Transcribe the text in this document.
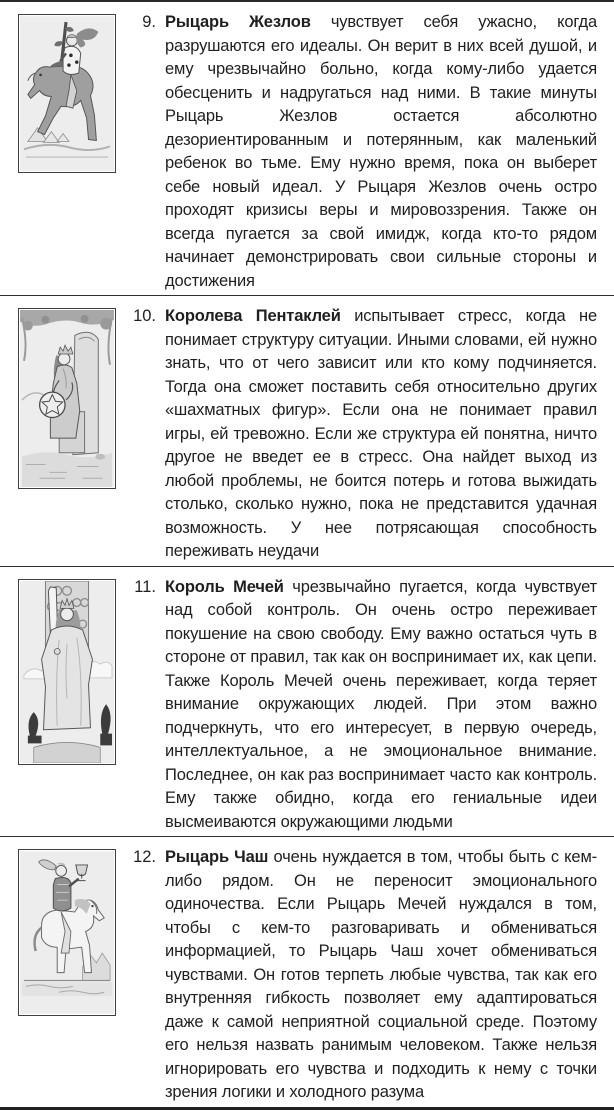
9. Рыцарь Жезлов чувствует себя ужасно, когда разрушаются его идеалы. Он верит в них всей душой, и ему чрезвычайно больно, когда кому-либо удается обесценить и надругаться над ними. В такие минуты Рыцарь Жезлов остается абсолютно дезориентированным и потерянным, как маленький ребенок во тьме. Ему нужно время, пока он выберет себе новый идеал. У Рыцаря Жезлов очень остро проходят кризисы веры и мировоззрения. Также он всегда пугается за свой имидж, когда кто-то рядом начинает демонстрировать свои сильные стороны и достижения
10. Королева Пентаклей испытывает стресс, когда не понимает структуру ситуации. Иными словами, ей нужно знать, что от чего зависит или кто кому подчиняется. Тогда она сможет поставить себя относительно других «шахматных фигур». Если она не понимает правил игры, ей тревожно. Если же структура ей понятна, ничто другое не введет ее в стресс. Она найдет выход из любой проблемы, не боится потерь и готова выжидать столько, сколько нужно, пока не представится удачная возможность. У нее потрясающая способность переживать неудачи
11. Король Мечей чрезвычайно пугается, когда чувствует над собой контроль. Он очень остро переживает покушение на свою свободу. Ему важно остаться чуть в стороне от правил, так как он воспринимает их, как цепи. Также Король Мечей очень переживает, когда теряет внимание окружающих людей. При этом важно подчеркнуть, что его интересует, в первую очередь, интеллектуальное, а не эмоциональное внимание. Последнее, он как раз воспринимает часто как контроль. Ему также обидно, когда его гениальные идеи высмеиваются окружающими людьми
12. Рыцарь Чаш очень нуждается в том, чтобы быть с кем-либо рядом. Он не переносит эмоционального одиночества. Если Рыцарь Мечей нуждался в том, чтобы с кем-то разговаривать и обмениваться информацией, то Рыцарь Чаш хочет обмениваться чувствами. Он готов терпеть любые чувства, так как его внутренняя гибкость позволяет ему адаптироваться даже к самой неприятной социальной среде. Поэтому его нельзя назвать ранимым человеком. Также нельзя игнорировать его чувства и подходить к нему с точки зрения логики и холодного разума
